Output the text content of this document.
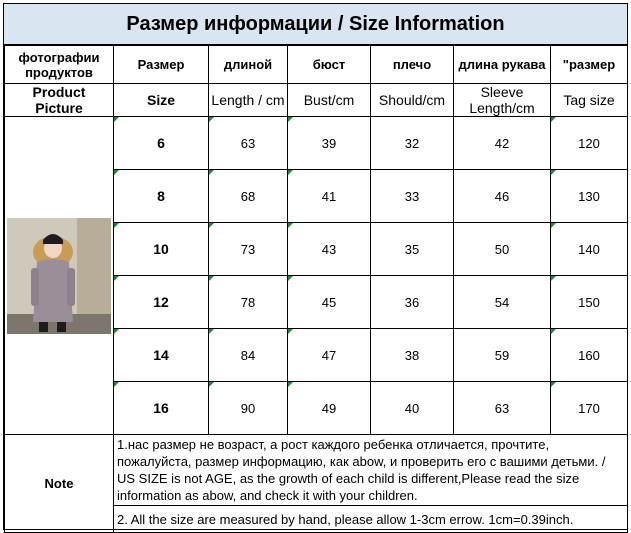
Размер информации / Size Information
фотографии продуктов	Размер	длиной	бюст	плечо	длина рукава	"размер
Product Picture	Size	Length / cm	Bust/cm	Should/cm	Sleeve Length/cm	Tag size

	6	63	39	32	42	120

	8	68	41	33	46	130

	10	73	43	35	50	140

	12	78	45	36	54	150

	14	84	47	38	59	160

	16	90	49	40	63	170

Note	1.нас размер не возраст, а рост каждого ребенка отличается, прочтите, пожалуйста, размер информацию, как abow, и проверить его с вашими детьми. / US SIZE is not AGE, as the growth of each child is different,Please read the size information as abow, and check it with your children.					
	2. All the size are measured by hand, please allow 1-3cm errow. 1cm=0.39inch.					
